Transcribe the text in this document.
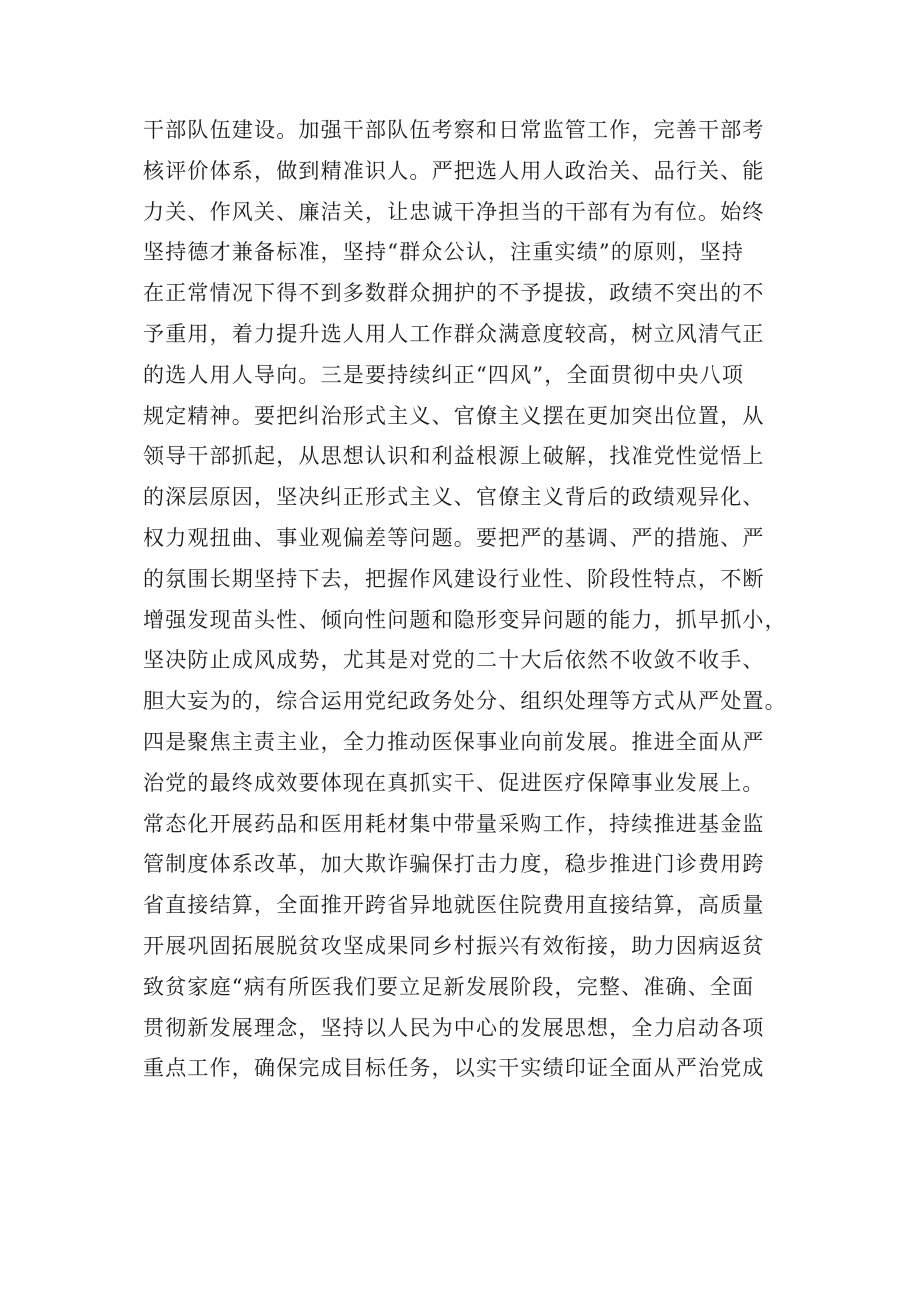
干部队伍建设。加强干部队伍考察和日常监管工作，完善干部考
核评价体系，做到精准识人。严把选人用人政治关、品行关、能
力关、作风关、廉洁关，让忠诚干净担当的干部有为有位。始终
坚持德才兼备标准，坚持“群众公认，注重实绩”的原则，坚持
在正常情况下得不到多数群众拥护的不予提拔，政绩不突出的不
予重用，着力提升选人用人工作群众满意度较高，树立风清气正
的选人用人导向。三是要持续纠正“四风”，全面贯彻中央八项
规定精神。要把纠治形式主义、官僚主义摆在更加突出位置，从
领导干部抓起，从思想认识和利益根源上破解，找准党性觉悟上
的深层原因，坚决纠正形式主义、官僚主义背后的政绩观异化、
权力观扭曲、事业观偏差等问题。要把严的基调、严的措施、严
的氛围长期坚持下去，把握作风建设行业性、阶段性特点，不断
增强发现苗头性、倾向性问题和隐形变异问题的能力，抓早抓小，
坚决防止成风成势，尤其是对党的二十大后依然不收敛不收手、
胆大妄为的，综合运用党纪政务处分、组织处理等方式从严处置。
四是聚焦主责主业，全力推动医保事业向前发展。推进全面从严
治党的最终成效要体现在真抓实干、促进医疗保障事业发展上。
常态化开展药品和医用耗材集中带量采购工作，持续推进基金监
管制度体系改革，加大欺诈骗保打击力度，稳步推进门诊费用跨
省直接结算，全面推开跨省异地就医住院费用直接结算，高质量
开展巩固拓展脱贫攻坚成果同乡村振兴有效衔接，助力因病返贫
致贫家庭“病有所医我们要立足新发展阶段，完整、准确、全面
贯彻新发展理念，坚持以人民为中心的发展思想，全力启动各项
重点工作，确保完成目标任务，以实干实绩印证全面从严治党成
